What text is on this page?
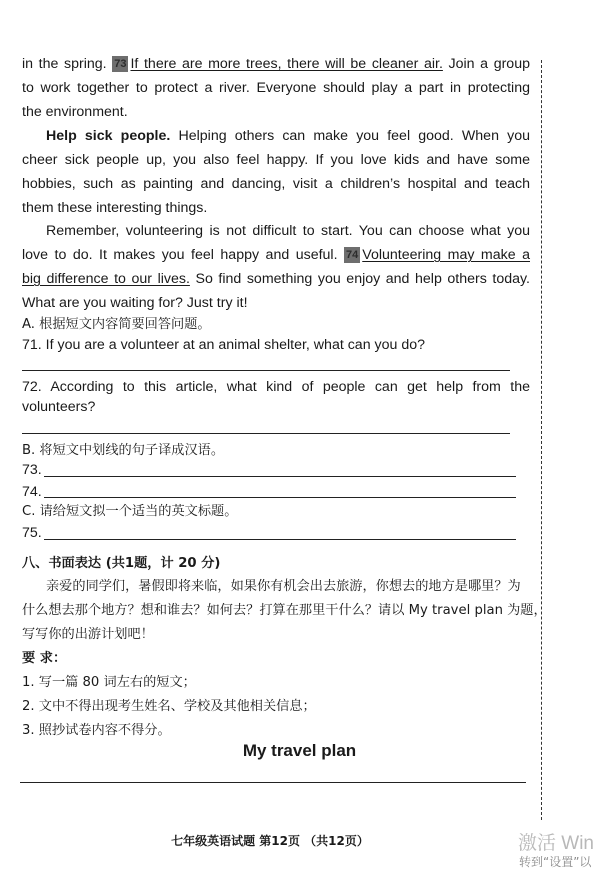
in the spring. 73 If there are more trees, there will be cleaner air. Join a group
to work together to protect a river. Everyone should play a part in protecting
the environment.
Help sick people. Helping others can make you feel good. When you
cheer sick people up, you also feel happy. If you love kids and have some
hobbies, such as painting and dancing, visit a children’s hospital and teach
them these interesting things.
Remember, volunteering is not difficult to start. You can choose what you
love to do. It makes you feel happy and useful. 74 Volunteering may make a
big difference to our lives. So find something you enjoy and help others today.
What are you waiting for? Just try it!
A. 根据短文内容简要回答问题。
71. If you are a volunteer at an animal shelter, what can you do?
72. According to this article, what kind of people can get help from the
volunteers?
B. 将短文中划线的句子译成汉语。
73.
74.
C. 请给短文拟一个适当的英文标题。
75.
八、书面表达 (共1题，计 20 分)
亲爱的同学们，暑假即将来临，如果你有机会出去旅游，你想去的地方是哪里？为
什么想去那个地方？想和谁去？如何去？打算在那里干什么？请以 My travel plan 为题，
写写你的出游计划吧！
要 求：
1. 写一篇 80 词左右的短文；
2. 文中不得出现考生姓名、学校及其他相关信息；
3. 照抄试卷内容不得分。
My travel plan
七年级英语试题 第12页 （共12页）	激活 Win
转到“设置”以
